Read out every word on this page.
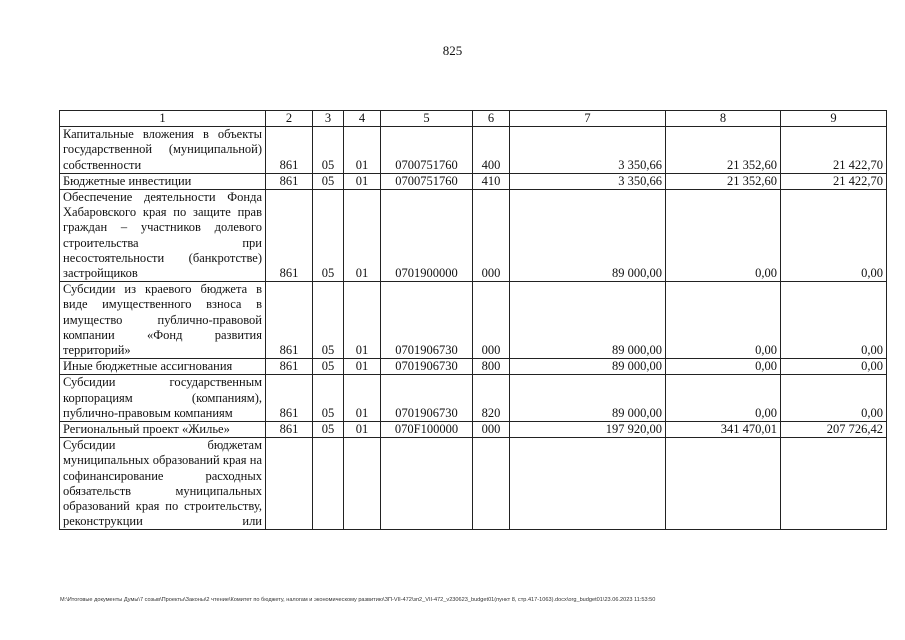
825
1	2	3	4	5	6	7	8	9
Капитальные вложения в объекты государственной (муниципальной) собственности	861	05	01	0700751760	400	3 350,66	21 352,60	21 422,70
Бюджетные инвестиции	861	05	01	0700751760	410	3 350,66	21 352,60	21 422,70
Обеспечение деятельности Фонда Хабаровского края по защите прав граждан – участников долевого строительства при несостоятельности (банкротстве) застройщиков	861	05	01	0701900000	000	89 000,00	0,00	0,00
Субсидии из краевого бюджета в виде имущественного взноса в имущество публично-правовой компании «Фонд развития территорий»	861	05	01	0701906730	000	89 000,00	0,00	0,00
Иные бюджетные ассигнования	861	05	01	0701906730	800	89 000,00	0,00	0,00
Субсидии государственным корпорациям (компаниям), публично-правовым компаниям	861	05	01	0701906730	820	89 000,00	0,00	0,00
Региональный проект «Жилье»	861	05	01	070F100000	000	197 920,00	341 470,01	207 726,42
Субсидии бюджетам муниципальных образований края на софинансирование расходных обязательств муниципальных образований края по строительству, реконструкции или								
M:\Итоговые документы Думы\7 созыв\Проекты\Законы\2 чтение\Комитет по бюджету, налогам и экономическому развитию\ЗП-VII-472\зп2_VII-472_v230623_budget01(пункт 8, стр.417-1063).docx\org_budget01\23.06.2023 11:53:50
